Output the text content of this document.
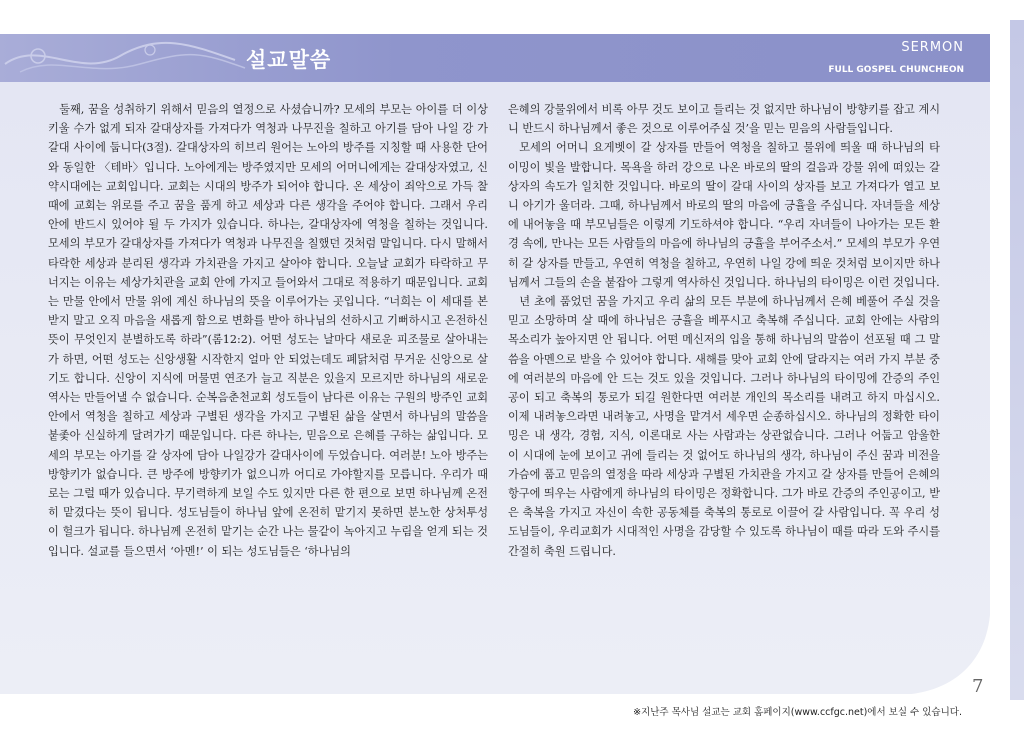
설교말씀
SERMON
FULL GOSPEL CHUNCHEON

둘째, 꿈을 성취하기 위해서 믿음의 열정으로 사셨습니까? 모세의 부모는 아이를 더 이상 키울 수가 없게 되자 갈대상자를 가져다가 역청과 나무진을 칠하고 아기를 담아 나일 강 가 갈대 사이에 둡니다(3절). 갈대상자의 히브리 원어는 노아의 방주를 지칭할 때 사용한 단어와 동일한 〈테바〉입니다. 노아에게는 방주였지만 모세의 어머니에게는 갈대상자였고, 신약시대에는 교회입니다. 교회는 시대의 방주가 되어야 합니다. 온 세상이 죄악으로 가득 찰 때에 교회는 위로를 주고 꿈을 품게 하고 세상과 다른 생각을 주어야 합니다. 그래서 우리 안에 반드시 있어야 될 두 가지가 있습니다. 하나는, 갈대상자에 역청을 칠하는 것입니다. 모세의 부모가 갈대상자를 가져다가 역청과 나무진을 칠했던 것처럼 말입니다. 다시 말해서 타락한 세상과 분리된 생각과 가치관을 가지고 살아야 합니다. 오늘날 교회가 타락하고 무너지는 이유는 세상가치관을 교회 안에 가지고 들어와서 그대로 적용하기 때문입니다. 교회는 만물 안에서 만물 위에 계신 하나님의 뜻을 이루어가는 곳입니다. “너희는 이 세대를 본받지 말고 오직 마음을 새롭게 함으로 변화를 받아 하나님의 선하시고 기뻐하시고 온전하신 뜻이 무엇인지 분별하도록 하라”(롬12:2). 어떤 성도는 날마다 새로운 피조물로 살아내는가 하면, 어떤 성도는 신앙생활 시작한지 얼마 안 되었는데도 폐닭처럼 무거운 신앙으로 살기도 합니다. 신앙이 지식에 머물면 연조가 늘고 직분은 있을지 모르지만 하나님의 새로운 역사는 만들어낼 수 없습니다. 순복음춘천교회 성도들이 남다른 이유는 구원의 방주인 교회 안에서 역청을 칠하고 세상과 구별된 생각을 가지고 구별된 삶을 살면서 하나님의 말씀을 붙좇아 신실하게 달려가기 때문입니다. 다른 하나는, 믿음으로 은혜를 구하는 삶입니다. 모세의 부모는 아기를 갈 상자에 담아 나일강가 갈대사이에 두었습니다. 여러분! 노아 방주는 방향키가 없습니다. 큰 방주에 방향키가 없으니까 어디로 가야할지를 모릅니다. 우리가 때로는 그럴 때가 있습니다. 무기력하게 보일 수도 있지만 다른 한 편으로 보면 하나님께 온전히 맡겼다는 뜻이 됩니다. 성도님들이 하나님 앞에 온전히 맡기지 못하면 분노한 상처투성이 헐크가 됩니다. 하나님께 온전히 맡기는 순간 나는 물같이 녹아지고 누림을 얻게 되는 것입니다. 설교를 들으면서 ‘아멘!’ 이 되는 성도님들은 ‘하나님의

은혜의 강물위에서 비록 아무 것도 보이고 들리는 것 없지만 하나님이 방향키를 잡고 계시니 반드시 하나님께서 좋은 것으로 이루어주실 것’을 믿는 믿음의 사람들입니다.

모세의 어머니 요게벳이 갈 상자를 만들어 역청을 칠하고 물위에 띄울 때 하나님의 타이밍이 빛을 발합니다. 목욕을 하러 강으로 나온 바로의 딸의 걸음과 강물 위에 떠있는 갈 상자의 속도가 일치한 것입니다. 바로의 딸이 갈대 사이의 상자를 보고 가져다가 열고 보니 아기가 울더라. 그때, 하나님께서 바로의 딸의 마음에 긍휼을 주십니다. 자녀들을 세상에 내어놓을 때 부모님들은 이렇게 기도하셔야 합니다. “우리 자녀들이 나아가는 모든 환경 속에, 만나는 모든 사람들의 마음에 하나님의 긍휼을 부어주소서.” 모세의 부모가 우연히 갈 상자를 만들고, 우연히 역청을 칠하고, 우연히 나일 강에 띄운 것처럼 보이지만 하나님께서 그들의 손을 붙잡아 그렇게 역사하신 것입니다. 하나님의 타이밍은 이런 것입니다.

년 초에 품었던 꿈을 가지고 우리 삶의 모든 부분에 하나님께서 은혜 베풀어 주실 것을 믿고 소망하며 살 때에 하나님은 긍휼을 베푸시고 축복해 주십니다. 교회 안에는 사람의 목소리가 높아지면 안 됩니다. 어떤 메신저의 입을 통해 하나님의 말씀이 선포될 때 그 말씀을 아멘으로 받을 수 있어야 합니다. 새해를 맞아 교회 안에 달라지는 여러 가지 부분 중에 여러분의 마음에 안 드는 것도 있을 것입니다. 그러나 하나님의 타이밍에 간증의 주인공이 되고 축복의 통로가 되길 원한다면 여러분 개인의 목소리를 내려고 하지 마십시오. 이제 내려놓으라면 내려놓고, 사명을 맡겨서 세우면 순종하십시오. 하나님의 정확한 타이밍은 내 생각, 경험, 지식, 이론대로 사는 사람과는 상관없습니다. 그러나 어둡고 암울한 이 시대에 눈에 보이고 귀에 들리는 것 없어도 하나님의 생각, 하나님이 주신 꿈과 비전을 가슴에 품고 믿음의 열정을 따라 세상과 구별된 가치관을 가지고 갈 상자를 만들어 은혜의 항구에 띄우는 사람에게 하나님의 타이밍은 정확합니다. 그가 바로 간증의 주인공이고, 받은 축복을 가지고 자신이 속한 공동체를 축복의 통로로 이끌어 갈 사람입니다. 꼭 우리 성도님들이, 우리교회가 시대적인 사명을 감당할 수 있도록 하나님이 때를 따라 도와 주시를 간절히 축원 드립니다.

7
※지난주 목사님 설교는 교회 홈페이지(www.ccfgc.net)에서 보실 수 있습니다.
